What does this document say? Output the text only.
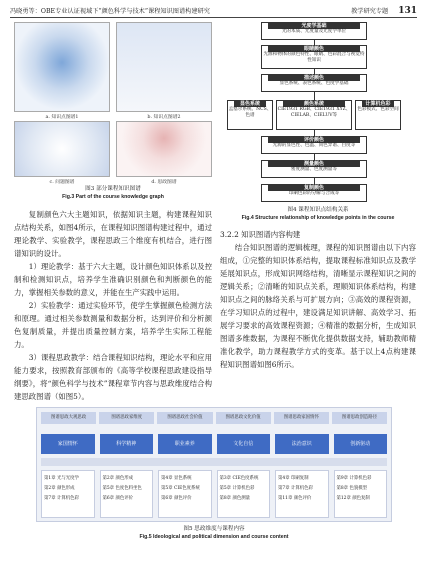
冯晓勇等：OBE专业认证视域下“颜色科学与技术”课程知识图谱构建研究	教学研究专题 131
a. 知识点图谱1	b. 知识点图谱2
c. 问题图谱	d. 思政图谱
图3 部分课程知识图谱
Fig.3 Part of the course knowledge graph

复制颜色六大主题知识，依据知识主题，构建课程知识点结构关系，如图4所示，在课程知识图谱构建过程中，通过理论教学、实验教学，课程思政三个维度有机结合，进行图谱知识的设计。

1）理论教学：基于六大主题，设计颜色知识体系以及控制和检测知识点，培养学生准确识别颜色和判断颜色的能力，掌握相关参数的意义，并能在生产实践中运用。

2）实验教学：通过实验环节，使学生掌握颜色检测方法和原理。通过相关参数测量和数据分析，达到评价和分析颜色复制质量，并提出质量控制方案，培养学生实际工程能力。

3）课程思政教学：结合课程知识结构，理论水平和应用能力要求，按照教育部颁布的《高等学校课程思政建设指导纲要》，将“颜色科学与技术”课程章节内容与思政维度结合构建思政图谱（如图5）。

光度学基础
光的本质、光度量及光度学单位
眼睛颜色
光源和物体的颜色特性、眼睛、色彩混合与视觉特性知识
描述颜色
显色系统、表色系统、色度学基础
显色系统
孟塞尔系统、NCS、色谱
颜色系统
CIE1931 RGB、CIE1931 XYZ、CIELAB、CIELUV等
计算机色彩
色彩模式、色彩空间
评价颜色
光源的显色性、色温、同色异谱、白度等
测量颜色
密度测量、色度测量等
复制颜色
印刷色彩的分解与合成等
图4 课程知识点结构关系
Fig.4 Structure relationship of knowledge points in the course
3.2.2 知识图谱内容构建

结合知识图谱的逻辑梳理，课程的知识图谱由以下内容组成，①完整的知识体系结构，提取课程标准知识点及教学延展知识点，形成知识网络结构，清晰显示课程知识之间的逻辑关系；②清晰的知识点关系，理顺知识体系结构，构建知识点之间的脉络关系与可扩展方向；③高效的课程资源，在学习知识点的过程中，建设满足知识讲解、高效学习、拓展学习要求的高效课程资源；④精准的数据分析，生成知识图谱多维数据，为课程不断优化提供数据支持，辅助教师精准化教学，助力课程教学方式的变革。基于以上4点构建课程知识图谱如图6所示。

图谱思政大观思政	图谱思政家维度	图谱思政社会价值	图谱思政文化价值	图谱思政家国情怀	图谱思政创造路径
家国情怀	科学精神	职业素养	文化自信	法治意识	创新驱动
第1章 光与光度学
第2章 颜色形成
第7章 计算机色彩
第2章 颜色形成
第5章 色度色料坐色
第6章 颜色评价
第4章 显色系统
第5章 CIE色度系统
第6章 颜色评价
第3章 CIE色度系统
第5章 计算机色彩
第8章 颜色测量
第4章 印刷复制
第7章 计算机色彩
第11章 颜色评价
第9章 计算机色彩
第8章 色貌模型
第12章 颜色复制
图5 思政维度与课程内容
Fig.5 Ideological and political dimension and course content
